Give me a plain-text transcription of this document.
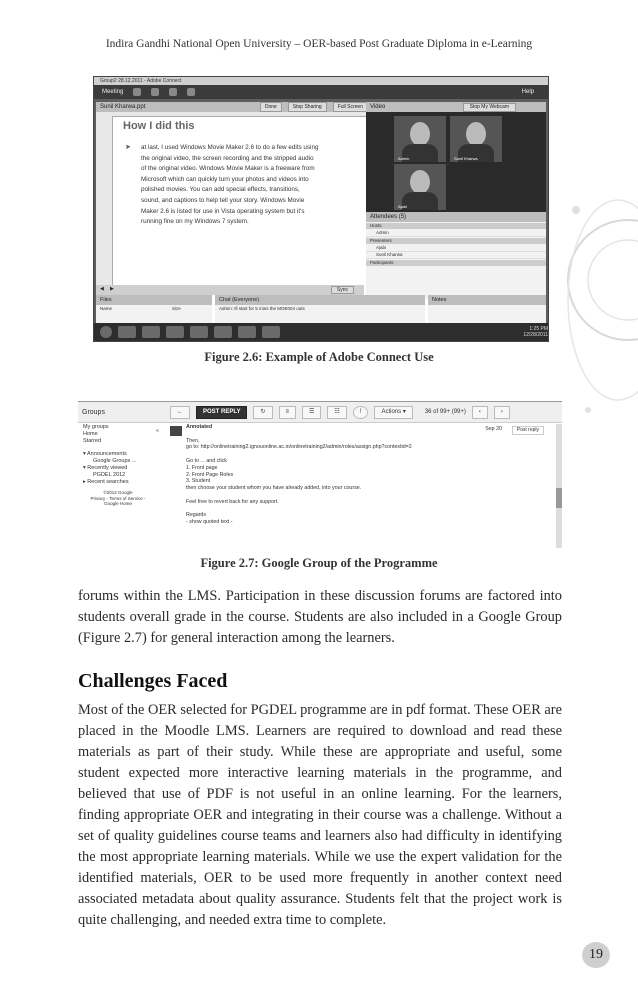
Indira Gandhi National Open University – OER-based Post Graduate Diploma in e-Learning
Group2 28.12.2011 - Adobe Connect
Meeting	Help
Sunil Kharwa.ppt	Done	Stop Sharing	Full Screen
How I did this
➤ at last, I used Windows Movie Maker 2.6 to do a few edits using
the original video, the screen recording and the stripped audio
of the original video. Windows Movie Maker is a freeware from
Microsoft which can quickly turn your photos and videos into
polished movies. You can add special effects, transitions,
sound, and captions to help tell your story. Windows Movie
Maker 2.6 is listed for use in Vista operating system but it's
running fine on my Windows 7 system.
◀ ▶	Sync
Video	Stop My Webcam
Admin	Sunil Kharwa
Ajabi
Attendees (5)
Hosts
Admin
Presenters
Ajabi
Sunil Kharwa
Participants
Files
Name	Size
Chat (Everyone)
Admin: Ill start for 5 mins the MOE004 outs
Notes
1:25 PM
12/28/2011
Figure 2.6: Example of Adobe Connect Use
Groups	←	POST REPLY	↻	≡	☰	☷	!	Actions ▾	36 of 99+ (99+)	‹	›
My groups
Home
Starred
▾ Announcements
Google Groups ...
▾ Recently viewed
PGDEL 2012
▸ Recent searches
©2012 Google
Privacy - Terms of Service -
Google Home
«	Post reply
Sep 20
Annotated
Then,
go to: http://onlinetraining2.ignouonline.ac.in/onlinetraining2/admin/roles/assign.php?contextid=2
Go to ... and click
1. Front page
2. Front Page Roles
3. Student
then choose your student whom you have already added, into your course.
Feel free to revert back for any support.
Regards
- show quoted text -
Figure 2.7: Google Group of the Programme

forums within the LMS. Participation in these discussion forums are factored into students overall grade in the course. Students are also included in a Google Group (Figure 2.7) for general interaction among the learners.

Challenges Faced

Most of the OER selected for PGDEL programme are in pdf format. These OER are placed in the Moodle LMS. Learners are required to download and read these materials as part of their study. While these are appropriate and useful, some student expected more interactive learning materials in the programme, and believed that use of PDF is not useful in an online learning. For the learners, finding appropriate OER and integrating in their course was a challenge. Without a set of quality guidelines course teams and learners also had difficulty in identifying the most appropriate learning materials. While we use the expert validation for the identified materials, OER to be used more frequently in another context need associated metadata about quality assurance. Students felt that the project work is quite challenging, and needed extra time to complete.

19
